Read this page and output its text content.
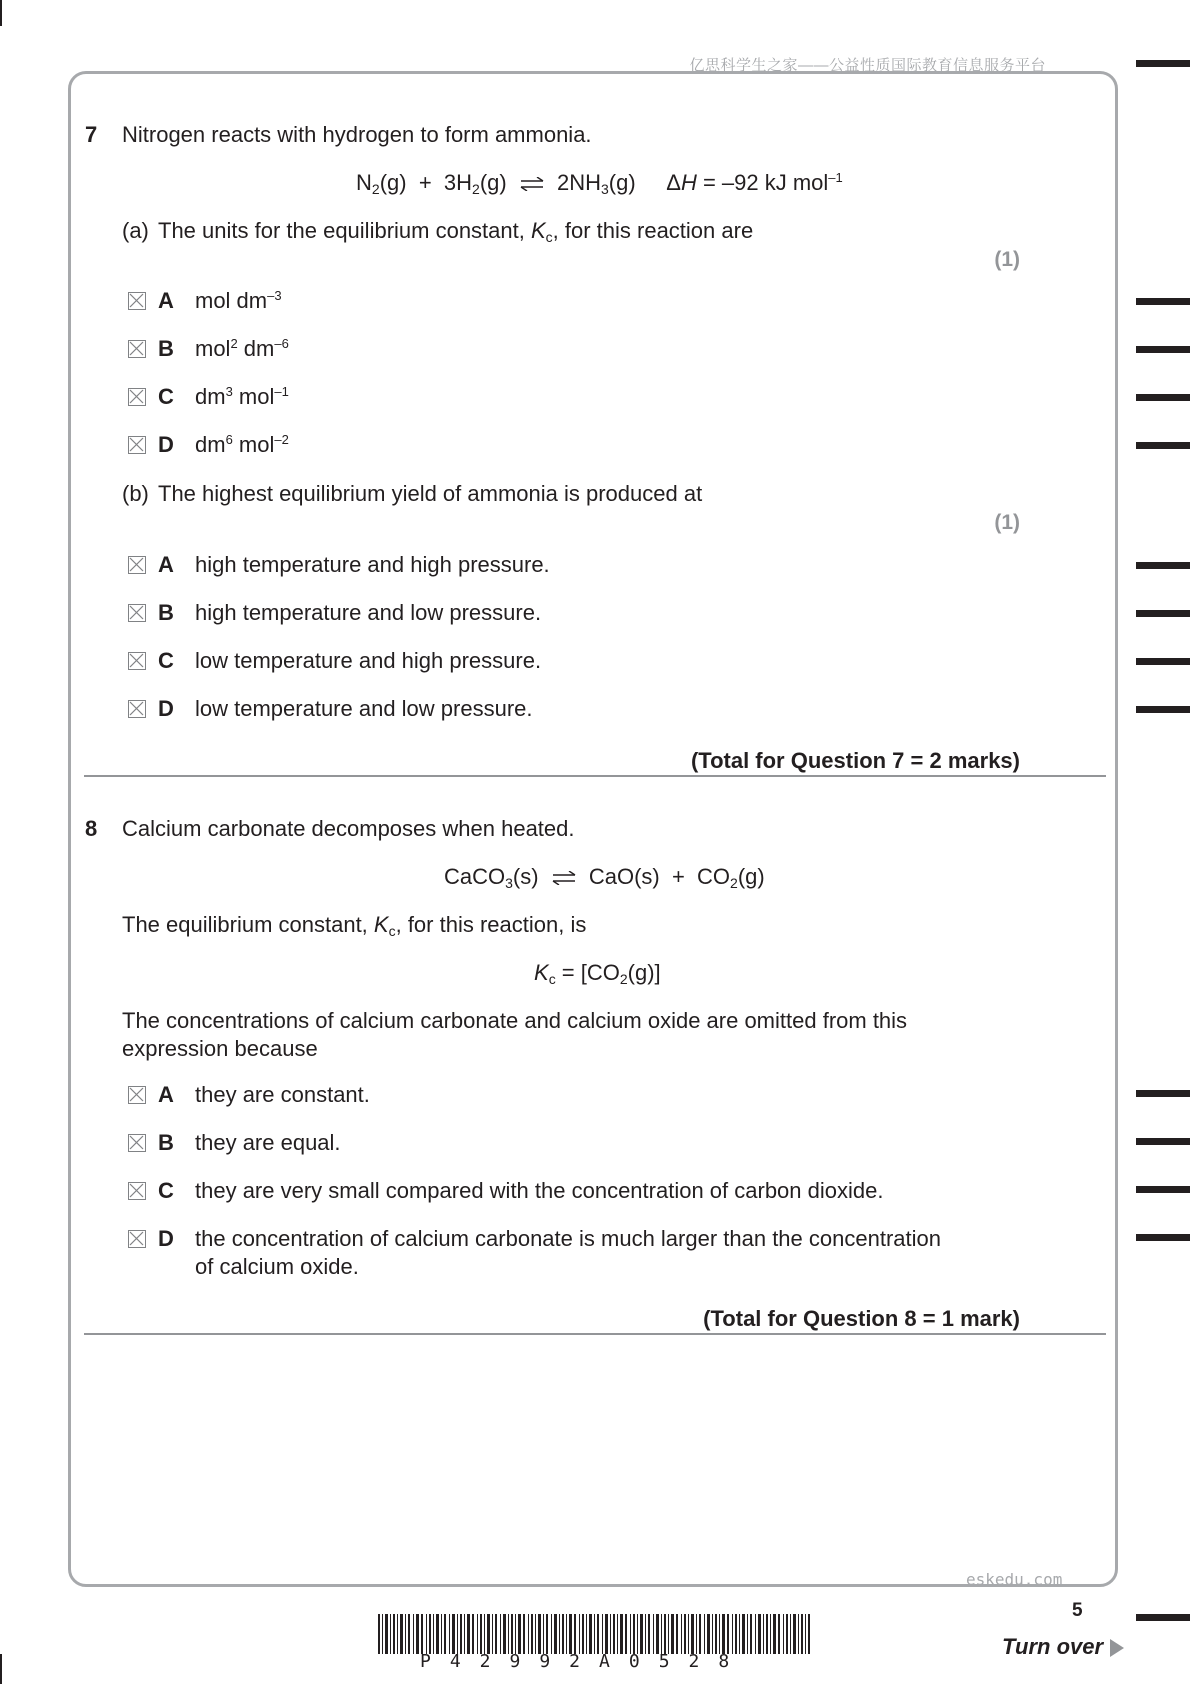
亿思科学生之家——公益性质国际教育信息服务平台
7 Nitrogen reacts with hydrogen to form ammonia.
$N_2(g) + 3H_2(g)$ ⇌ $2NH_3(g) \Delta H = -92$ kJ mol$^{-1}$
(a) The units for the equilibrium constant, $K_c$, for this reaction are
(1)
A mol $dm^{-3}$
B mol$^2$ $dm^{-6}$
C $dm^3$ mol$^{-1}$
D $dm^6$ mol$^{-2}$
(b) The highest equilibrium yield of ammonia is produced at
(1)
A high temperature and high pressure.
B high temperature and low pressure.
C low temperature and high pressure.
D low temperature and low pressure.
(Total for Question 7 = 2 marks)
8 Calcium carbonate decomposes when heated.
CaCO$_3$(s) ⇌ $CaO(s) + CO_2(g)$
The equilibrium constant, $K_c$, for this reaction, is
$K_c = [CO_2(g)]$
The concentrations of calcium carbonate and calcium oxide are omitted from this
expression because
A they are constant.
B they are equal.
C they are very small compared with the concentration of carbon dioxide.
D the concentration of calcium carbonate is much larger than the concentration
of calcium oxide.
(Total for Question 8 = 1 mark)
eskedu.com
5
P42992A0528
Turn over
